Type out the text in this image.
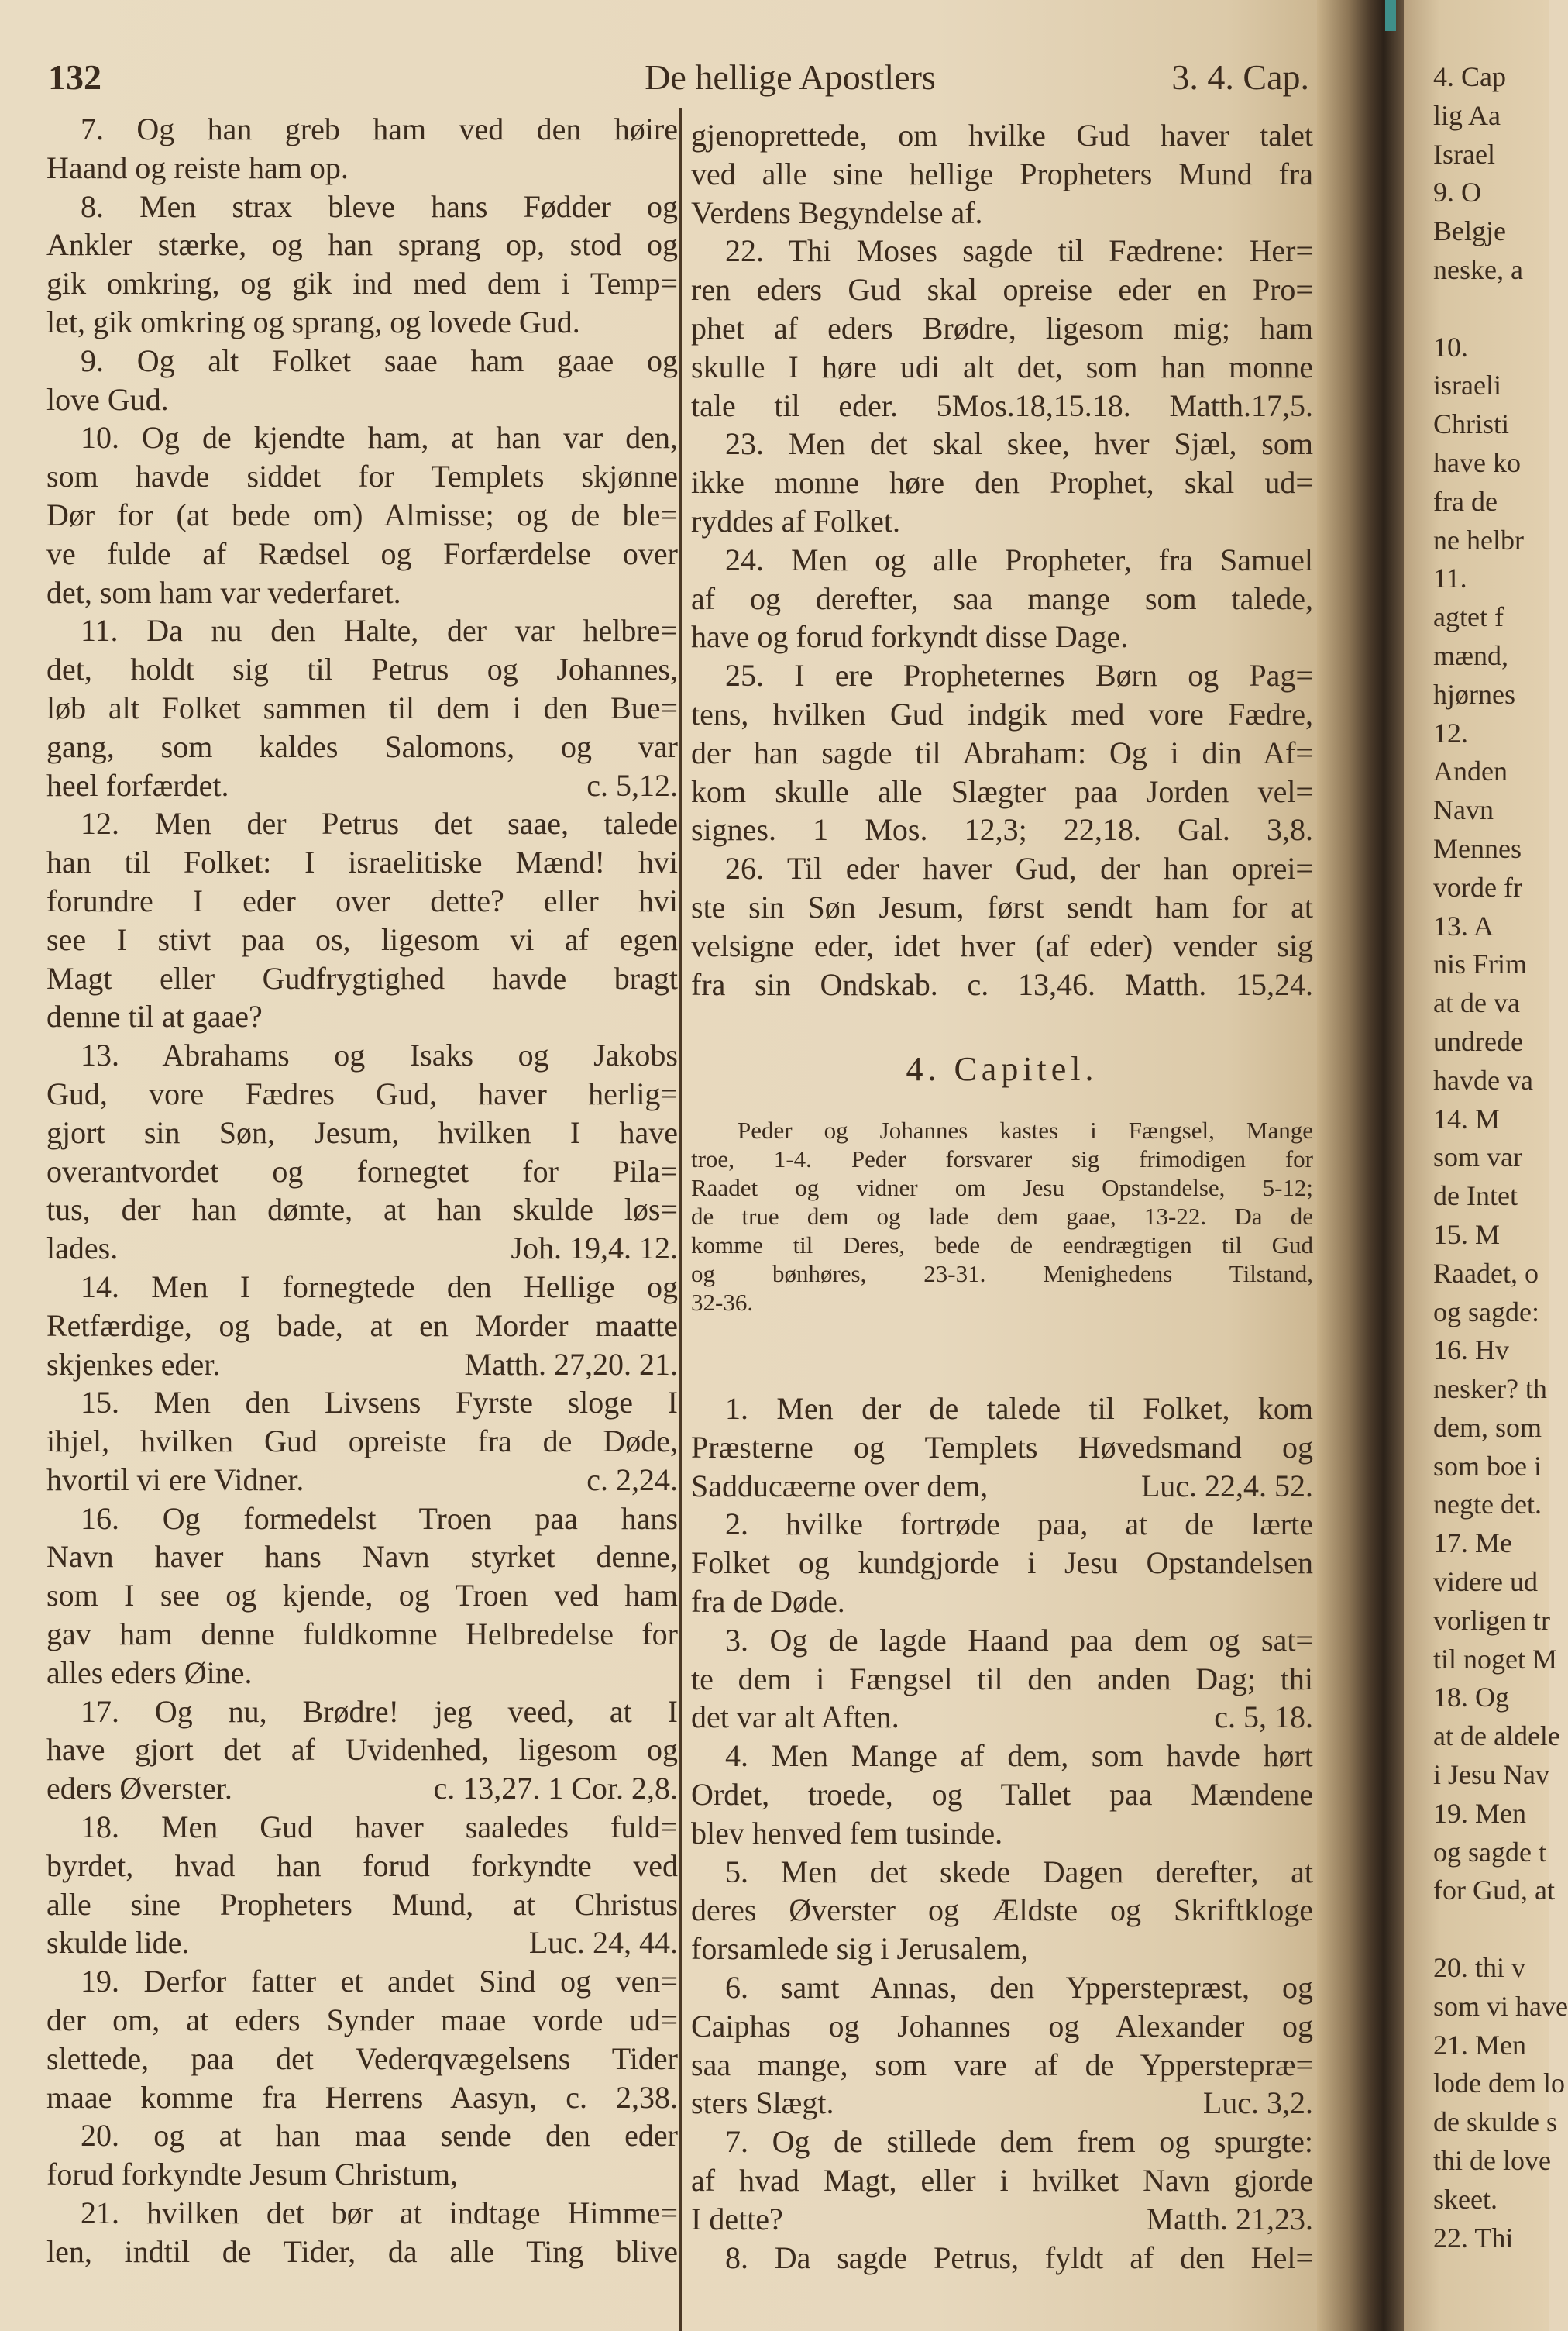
132	De hellige Apostlers	3. 4. Cap.
7. Og han greb ham ved den høire
Haand og reiste ham op.
8. Men strax bleve hans Fødder og
Ankler stærke, og han sprang op, stod og
gik omkring, og gik ind med dem i Temp=
let, gik omkring og sprang, og lovede Gud.
9. Og alt Folket saae ham gaae og
love Gud.
10. Og de kjendte ham, at han var den,
som havde siddet for Templets skjønne
Dør for (at bede om) Almisse; og de ble=
ve fulde af Rædsel og Forfærdelse over
det, som ham var vederfaret.
11. Da nu den Halte, der var helbre=
det, holdt sig til Petrus og Johannes,
løb alt Folket sammen til dem i den Bue=
gang, som kaldes Salomons, og var
heel forfærdet.	c. 5,12.
12. Men der Petrus det saae, talede
han til Folket: I israelitiske Mænd! hvi
forundre I eder over dette? eller hvi
see I stivt paa os, ligesom vi af egen
Magt eller Gudfrygtighed havde bragt
denne til at gaae?
13. Abrahams og Isaks og Jakobs
Gud, vore Fædres Gud, haver herlig=
gjort sin Søn, Jesum, hvilken I have
overantvordet og fornegtet for Pila=
tus, der han dømte, at han skulde løs=
lades.	Joh. 19,4. 12.
14. Men I fornegtede den Hellige og
Retfærdige, og bade, at en Morder maatte
skjenkes eder.	Matth. 27,20. 21.
15. Men den Livsens Fyrste sloge I
ihjel, hvilken Gud opreiste fra de Døde,
hvortil vi ere Vidner.	c. 2,24.
16. Og formedelst Troen paa hans
Navn haver hans Navn styrket denne,
som I see og kjende, og Troen ved ham
gav ham denne fuldkomne Helbredelse for
alles eders Øine.
17. Og nu, Brødre! jeg veed, at I
have gjort det af Uvidenhed, ligesom og
eders Øverster.	c. 13,27. 1 Cor. 2,8.
18. Men Gud haver saaledes fuld=
byrdet, hvad han forud forkyndte ved
alle sine Propheters Mund, at Christus
skulde lide.	Luc. 24, 44.
19. Derfor fatter et andet Sind og ven=
der om, at eders Synder maae vorde ud=
slettede, paa det Vederqvægelsens Tider
maae komme fra Herrens Aasyn, c. 2,38.
20. og at han maa sende den eder
forud forkyndte Jesum Christum,
21. hvilken det bør at indtage Himme=
len, indtil de Tider, da alle Ting blive
gjenoprettede, om hvilke Gud haver talet
ved alle sine hellige Propheters Mund fra
Verdens Begyndelse af.
22. Thi Moses sagde til Fædrene: Her=
ren eders Gud skal opreise eder en Pro=
phet af eders Brødre, ligesom mig; ham
skulle I høre udi alt det, som han monne
tale til eder. 5Mos.18,15.18. Matth.17,5.
23. Men det skal skee, hver Sjæl, som
ikke monne høre den Prophet, skal ud=
ryddes af Folket.
24. Men og alle Propheter, fra Samuel
af og derefter, saa mange som talede,
have og forud forkyndt disse Dage.
25. I ere Propheternes Børn og Pag=
tens, hvilken Gud indgik med vore Fædre,
der han sagde til Abraham: Og i din Af=
kom skulle alle Slægter paa Jorden vel=
signes. 1 Mos. 12,3; 22,18. Gal. 3,8.
26. Til eder haver Gud, der han oprei=
ste sin Søn Jesum, først sendt ham for at
velsigne eder, idet hver (af eder) vender sig
fra sin Ondskab. c. 13,46. Matth. 15,24.
4. Capitel.
Peder og Johannes kastes i Fængsel, Mange
troe, 1-4. Peder forsvarer sig frimodigen for
Raadet og vidner om Jesu Opstandelse, 5-12;
de true dem og lade dem gaae, 13-22. Da de
komme til Deres, bede de eendrægtigen til Gud
og bønhøres, 23-31. Menighedens Tilstand,
32-36.
1. Men der de talede til Folket, kom
Præsterne og Templets Høvedsmand og
Sadducæerne over dem,	Luc. 22,4. 52.
2. hvilke fortrøde paa, at de lærte
Folket og kundgjorde i Jesu Opstandelsen
fra de Døde.
3. Og de lagde Haand paa dem og sat=
te dem i Fængsel til den anden Dag; thi
det var alt Aften.	c. 5, 18.
4. Men Mange af dem, som havde hørt
Ordet, troede, og Tallet paa Mændene
blev henved fem tusinde.
5. Men det skede Dagen derefter, at
deres Øverster og Ældste og Skriftkloge
forsamlede sig i Jerusalem,
6. samt Annas, den Ypperstepræst, og
Caiphas og Johannes og Alexander og
saa mange, som vare af de Ypperstepræ=
sters Slægt.	Luc. 3,2.
7. Og de stillede dem frem og spurgte:
af hvad Magt, eller i hvilket Navn gjorde
I dette?	Matth. 21,23.
8. Da sagde Petrus, fyldt af den Hel=
4. Cap
lig Aa
Israel
9. O
Belgje
neske, a
10.
israeli
Christi
have ko
fra de
ne helbr
11.
agtet f
mænd,
hjørnes
12.
Anden
Navn
Mennes
vorde fr
13. A
nis Frim
at de va
undrede
havde va
14. M
som var
de Intet
15. M
Raadet, o
og sagde:
16. Hv
nesker? th
dem, som
som boe i
negte det.
17. Me
videre ud
vorligen tr
til noget M
18. Og
at de aldele
i Jesu Nav
19. Men
og sagde t
for Gud, at
20. thi v
som vi have
21. Men
lode dem lo
de skulde s
thi de love
skeet.
22. Thi
